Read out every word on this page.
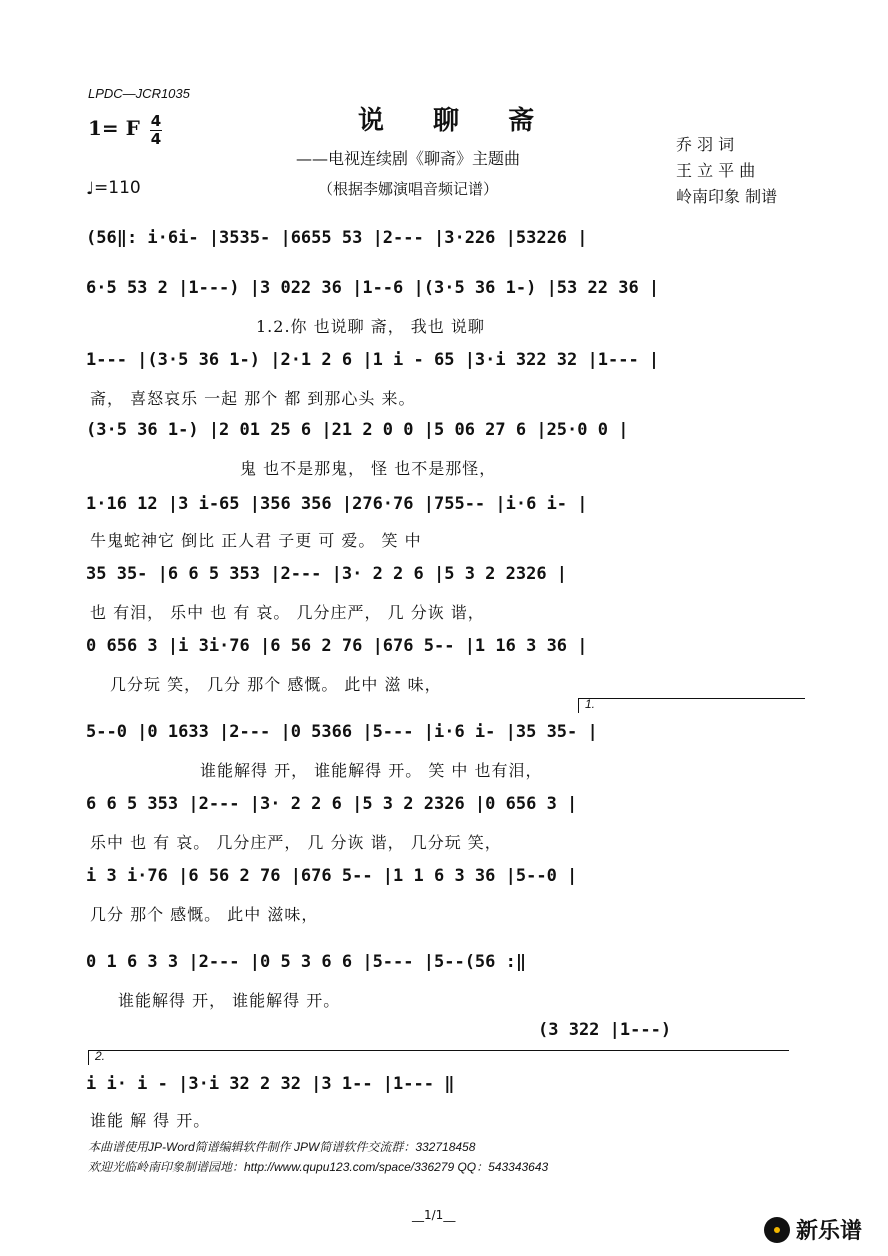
LPDC—JCR1035
1= F 4
4
♩=110
说 聊 斋
——电视连续剧《聊斋》主题曲
（根据李娜演唱音频记谱）
乔 羽 词
王 立 平 曲
岭南印象 制谱
(56‖: i·6i- |3535- |6655 53 |2--- |3·226 |53226 |
6·5 53 2 |1---) |3 022 36 |1--6 |(3·5 36 1-) |53 22 36 |
1.2.你 也说聊 斋， 我也 说聊
1--- |(3·5 36 1-) |2·1 2 6 |1 i - 65 |3·i 322 32 |1--- |
斋， 喜怒哀乐 一起 那个 都 到那心头 来。
(3·5 36 1-) |2 01 25 6 |21 2 0 0 |5 06 27 6 |25·0 0 |
鬼 也不是那鬼， 怪 也不是那怪，
1·16 12 |3 i-65 |356 356 |276·76 |755-- |i·6 i- |
牛鬼蛇神它 倒比 正人君 子更 可 爱。 笑 中
35 35- |6 6 5 353 |2--- |3· 2 2 6 |5 3 2 2326 |
也 有泪， 乐中 也 有 哀。 几分庄严， 几 分诙 谐，
0 656 3 |i 3i·76 |6 56 2 76 |676 5-- |1 16 3 36 |
几分玩 笑， 几分 那个 感慨。 此中 滋 味，
1.
5--0 |0 1633 |2--- |0 5366 |5--- |i·6 i- |35 35- |
谁能解得 开， 谁能解得 开。 笑 中 也有泪，
6 6 5 353 |2--- |3· 2 2 6 |5 3 2 2326 |0 656 3 |
乐中 也 有 哀。 几分庄严， 几 分诙 谐， 几分玩 笑，
i 3 i·76 |6 56 2 76 |676 5-- |1 1 6 3 36 |5--0 |
几分 那个 感慨。 此中 滋味，
0 1 6 3 3 |2--- |0 5 3 6 6 |5--- |5--(56 :‖
谁能解得 开， 谁能解得 开。
(3 322 |1---)
2.
i i· i - |3·i 32 2 32 |3 1-- |1--- ‖
谁能 解 得 开。
本曲谱使用JP-Word简谱编辑软件制作 JPW简谱软件交流群：332718458
欢迎光临岭南印象制谱园地：http://www.qupu123.com/space/336279 QQ：543343643
__1/1__
新乐谱
